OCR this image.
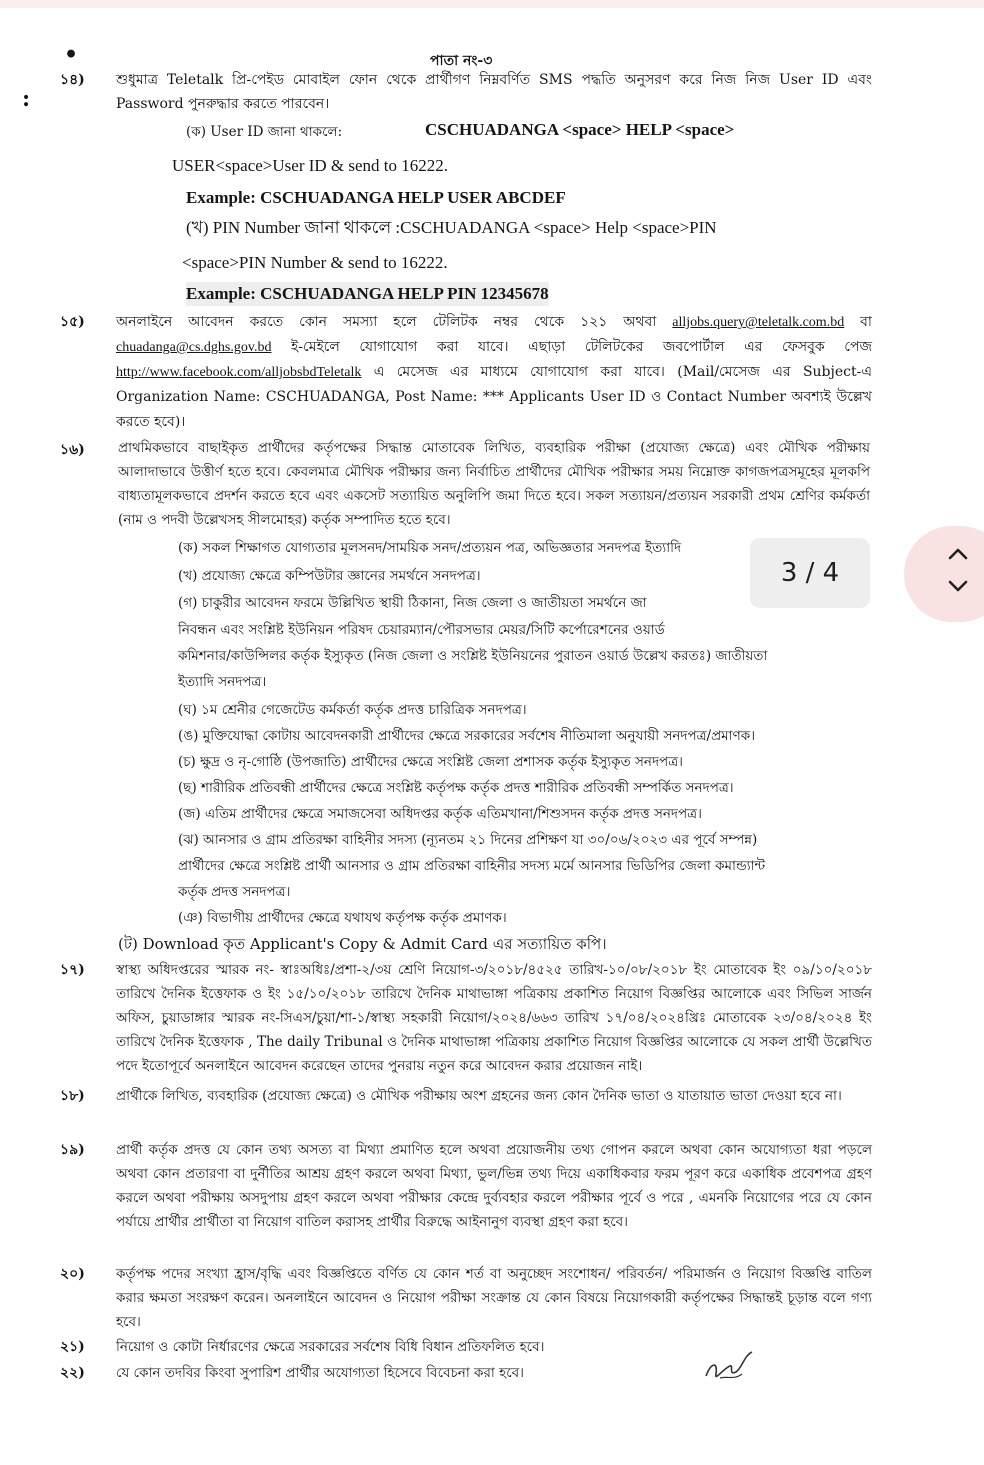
•
:
পাতা নং-৩
১৪)	শুধুমাত্র Teletalk প্রি-পেইড মোবাইল ফোন থেকে প্রার্থীগণ নিম্নবর্ণিত SMS পদ্ধতি অনুসরণ করে নিজ নিজ User ID এবং Password পুনরুদ্ধার করতে পারবেন।
(ক) User ID জানা থাকলে:	CSCHUADANGA <space> HELP <space>
USER<space>User ID & send to 16222.
Example: CSCHUADANGA HELP USER ABCDEF
(খ) PIN Number জানা থাকলে :CSCHUADANGA <space> Help <space>PIN
<space>PIN Number & send to 16222.
Example: CSCHUADANGA HELP PIN 12345678
১৫)	অনলাইনে আবেদন করতে কোন সমস্যা হলে টেলিটক নম্বর থেকে ১২১ অথবা alljobs.query@teletalk.com.bd বা chuadanga@cs.dghs.gov.bd ই-মেইলে যোগাযোগ করা যাবে। এছাড়া টেলিটকের জবপোর্টাল এর ফেসবুক পেজ http://www.facebook.com/alljobsbdTeletalk এ মেসেজ এর মাধ্যমে যোগাযোগ করা যাবে। (Mail/মেসেজ এর Subject-এ Organization Name: CSCHUADANGA, Post Name: *** Applicants User ID ও Contact Number অবশ্যই উল্লেখ করতে হবে)।
১৬)	প্রাথমিকভাবে বাছাইকৃত প্রার্থীদের কর্তৃপক্ষের সিদ্ধান্ত মোতাবেক লিখিত, ব্যবহারিক পরীক্ষা (প্রযোজ্য ক্ষেত্রে) এবং মৌখিক পরীক্ষায় আলাদাভাবে উত্তীর্ণ হতে হবে। কেবলমাত্র মৌখিক পরীক্ষার জন্য নির্বাচিত প্রার্থীদের মৌখিক পরীক্ষার সময় নিম্নোক্ত কাগজপত্রসমূহের মূলকপি বাধ্যতামূলকভাবে প্রদর্শন করতে হবে এবং একসেট সত্যায়িত অনুলিপি জমা দিতে হবে। সকল সত্যায়ন/প্রত্যয়ন সরকারী প্রথম শ্রেণির কর্মকর্তা (নাম ও পদবী উল্লেখসহ সীলমোহর) কর্তৃক সম্পাদিত হতে হবে।
(ক) সকল শিক্ষাগত যোগ্যতার মূলসনদ/সাময়িক সনদ/প্রত্যয়ন পত্র, অভিজ্ঞতার সনদপত্র ইত্যাদি
(খ) প্রযোজ্য ক্ষেত্রে কম্পিউটার জ্ঞানের সমর্থনে সনদপত্র।
(গ) চাকুরীর আবেদন ফরমে উল্লিখিত স্থায়ী ঠিকানা, নিজ জেলা ও জাতীয়তা সমর্থনে জা
নিবন্ধন এবং সংশ্লিষ্ট ইউনিয়ন পরিষদ চেয়ারম্যান/পৌরসভার মেয়র/সিটি কর্পোরেশনের ওয়ার্ড
কমিশনার/কাউন্সিলর কর্তৃক ইস্যুকৃত (নিজ জেলা ও সংশ্লিষ্ট ইউনিয়নের পুরাতন ওয়ার্ড উল্লেখ করতঃ) জাতীয়তা
ইত্যাদি সনদপত্র।
(ঘ) ১ম শ্রেনীর গেজেটেড কর্মকর্তা কর্তৃক প্রদত্ত চারিত্রিক সনদপত্র।
(ঙ) মুক্তিযোদ্ধা কোটায় আবেদনকারী প্রার্থীদের ক্ষেত্রে সরকারের সর্বশেষ নীতিমালা অনুযায়ী সনদপত্র/প্রমাণক।
(চ) ক্ষুদ্র ও নৃ-গোষ্ঠি (উপজাতি) প্রার্থীদের ক্ষেত্রে সংশ্লিষ্ট জেলা প্রশাসক কর্তৃক ইস্যুকৃত সনদপত্র।
(ছ) শারীরিক প্রতিবন্ধী প্রার্থীদের ক্ষেত্রে সংশ্লিষ্ট কর্তৃপক্ষ কর্তৃক প্রদত্ত শারীরিক প্রতিবন্ধী সম্পর্কিত সনদপত্র।
(জ) এতিম প্রার্থীদের ক্ষেত্রে সমাজসেবা অধিদপ্তর কর্তৃক এতিমখানা/শিশুসদন কর্তৃক প্রদত্ত সনদপত্র।
(ঝ) আনসার ও গ্রাম প্রতিরক্ষা বাহিনীর সদস্য (ন্যূনতম ২১ দিনের প্রশিক্ষণ যা ৩০/০৬/২০২৩ এর পূর্বে সম্পন্ন)
প্রার্থীদের ক্ষেত্রে সংশ্লিষ্ট প্রার্থী আনসার ও গ্রাম প্রতিরক্ষা বাহিনীর সদস্য মর্মে আনসার ভিডিপির জেলা কমান্ড্যান্ট
কর্তৃক প্রদত্ত সনদপত্র।
(ঞ) বিভাগীয় প্রার্থীদের ক্ষেত্রে যথাযথ কর্তৃপক্ষ কর্তৃক প্রমাণক।
(ট) Download কৃত Applicant's Copy & Admit Card এর সত্যায়িত কপি।
১৭)	স্বাস্থ্য অধিদপ্তরের স্মারক নং- স্বাঃঅধিঃ/প্রশা-২/৩য় শ্রেণি নিয়োগ-৩/২০১৮/৪৫২৫ তারিখ-১০/০৮/২০১৮ ইং মোতাবেক ইং ০৯/১০/২০১৮ তারিখে দৈনিক ইত্তেফাক ও ইং ১৫/১০/২০১৮ তারিখে দৈনিক মাথাভাঙ্গা পত্রিকায় প্রকাশিত নিয়োগ বিজ্ঞপ্তির আলোকে এবং সিভিল সার্জন অফিস, চুয়াডাঙ্গার স্মারক নং-সিএস/চুয়া/শা-১/স্বাস্থ্য সহকারী নিয়োগ/২০২৪/৬৬৩ তারিখ ১৭/০৪/২০২৪খ্রিঃ মোতাবেক ২৩/০৪/২০২৪ ইং তারিখে দৈনিক ইত্তেফাক , The daily Tribunal ও দৈনিক মাথাভাঙ্গা পত্রিকায় প্রকাশিত নিয়োগ বিজ্ঞপ্তির আলোকে যে সকল প্রার্থী উল্লেখিত পদে ইতোপূর্বে অনলাইনে আবেদন করেছেন তাদের পুনরায় নতুন করে আবেদন করার প্রয়োজন নাই।
১৮)	প্রার্থীকে লিখিত, ব্যবহারিক (প্রযোজ্য ক্ষেত্রে) ও মৌখিক পরীক্ষায় অংশ গ্রহনের জন্য কোন দৈনিক ভাতা ও যাতায়াত ভাতা দেওয়া হবে না।
১৯)	প্রার্থী কর্তৃক প্রদত্ত যে কোন তথ্য অসত্য বা মিথ্যা প্রমাণিত হলে অথবা প্রয়োজনীয় তথ্য গোপন করলে অথবা কোন অযোগ্যতা ধরা পড়লে অথবা কোন প্রতারণা বা দুর্নীতির আশ্রয় গ্রহণ করলে অথবা মিথ্যা, ভুল/ভিন্ন তথ্য দিয়ে একাধিকবার ফরম পূরণ করে একাধিক প্রবেশপত্র গ্রহণ করলে অথবা পরীক্ষায় অসদুপায় গ্রহণ করলে অথবা পরীক্ষার কেন্দ্রে দুর্ব্যবহার করলে পরীক্ষার পূর্বে ও পরে , এমনকি নিয়োগের পরে যে কোন পর্যায়ে প্রার্থীর প্রার্থীতা বা নিয়োগ বাতিল করাসহ প্রার্থীর বিরুদ্ধে আইনানুগ ব্যবস্থা গ্রহণ করা হবে।
২০)	কর্তৃপক্ষ পদের সংখ্যা হ্রাস/বৃদ্ধি এবং বিজ্ঞপ্তিতে বর্ণিত যে কোন শর্ত বা অনুচ্ছেদ সংশোধন/ পরিবর্তন/ পরিমার্জন ও নিয়োগ বিজ্ঞপ্তি বাতিল করার ক্ষমতা সংরক্ষণ করেন। অনলাইনে আবেদন ও নিয়োগ পরীক্ষা সংক্রান্ত যে কোন বিষয়ে নিয়োগকারী কর্তৃপক্ষের সিদ্ধান্তই চূড়ান্ত বলে গণ্য হবে।
২১)	নিয়োগ ও কোটা নির্ধারণের ক্ষেত্রে সরকারের সর্বশেষ বিধি বিধান প্রতিফলিত হবে।
২২)	যে কোন তদবির কিংবা সুপারিশ প্রার্থীর অযোগ্যতা হিসেবে বিবেচনা করা হবে।
3 / 4
